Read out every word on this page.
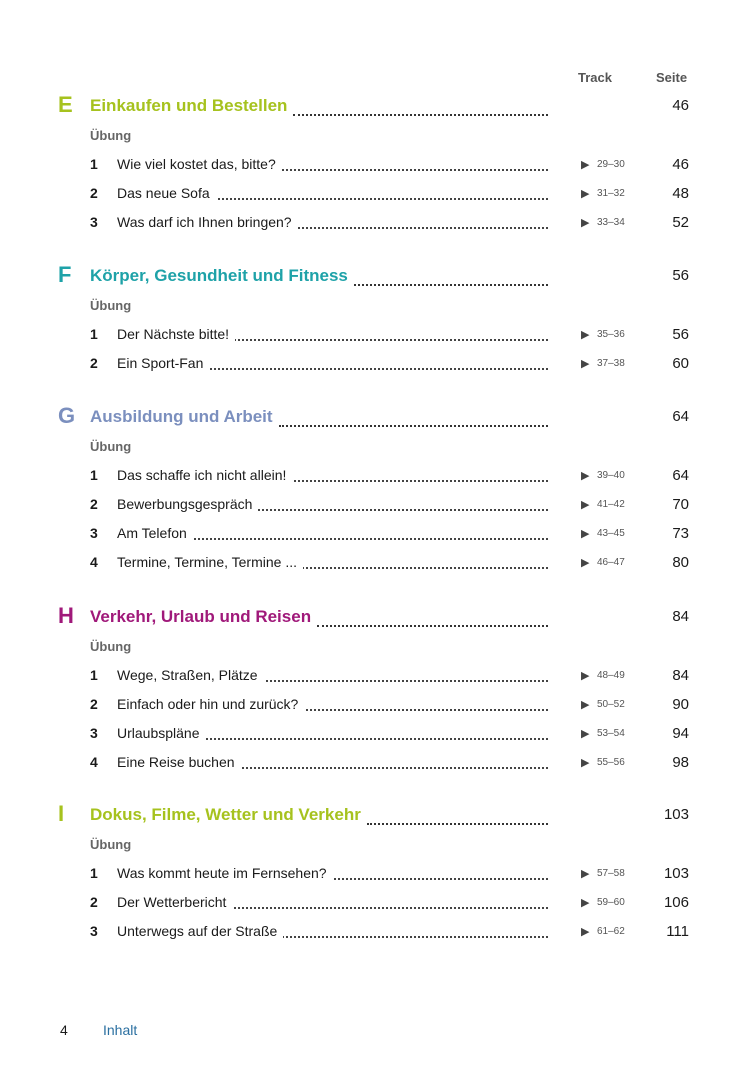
Track	Seite
E Einkaufen und Bestellen	46
Übung
1 Wie viel kostet das, bitte?	▶ 29–30	46
2 Das neue Sofa	▶ 31–32	48
3 Was darf ich Ihnen bringen?	▶ 33–34	52
F Körper, Gesundheit und Fitness	56
Übung
1 Der Nächste bitte!	▶ 35–36	56
2 Ein Sport-Fan	▶ 37–38	60
G Ausbildung und Arbeit	64
Übung
1 Das schaffe ich nicht allein!	▶ 39–40	64
2 Bewerbungsgespräch	▶ 41–42	70
3 Am Telefon	▶ 43–45	73
4 Termine, Termine, Termine ...	▶ 46–47	80
H Verkehr, Urlaub und Reisen	84
Übung
1 Wege, Straßen, Plätze	▶ 48–49	84
2 Einfach oder hin und zurück?	▶ 50–52	90
3 Urlaubspläne	▶ 53–54	94
4 Eine Reise buchen	▶ 55–56	98
I Dokus, Filme, Wetter und Verkehr	103
Übung
1 Was kommt heute im Fernsehen?	▶ 57–58	103
2 Der Wetterbericht	▶ 59–60	106
3 Unterwegs auf der Straße	▶ 61–62	111
4	Inhalt
